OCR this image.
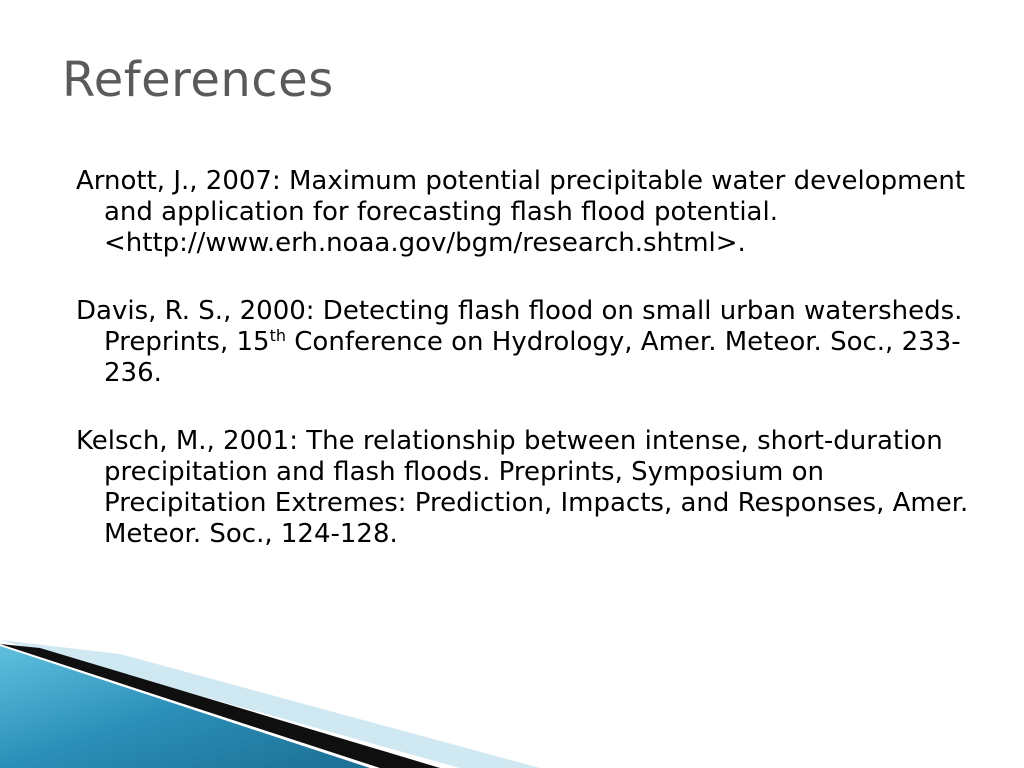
References
Arnott, J., 2007: Maximum potential precipitable water development and application for forecasting flash flood potential. <http://www.erh.noaa.gov/bgm/research.shtml>.
Davis, R. S., 2000: Detecting flash flood on small urban watersheds. Preprints, 15th Conference on Hydrology, Amer. Meteor. Soc., 233-236.
Kelsch, M., 2001: The relationship between intense, short-duration precipitation and flash floods. Preprints, Symposium on Precipitation Extremes: Prediction, Impacts, and Responses, Amer. Meteor. Soc., 124-128.
